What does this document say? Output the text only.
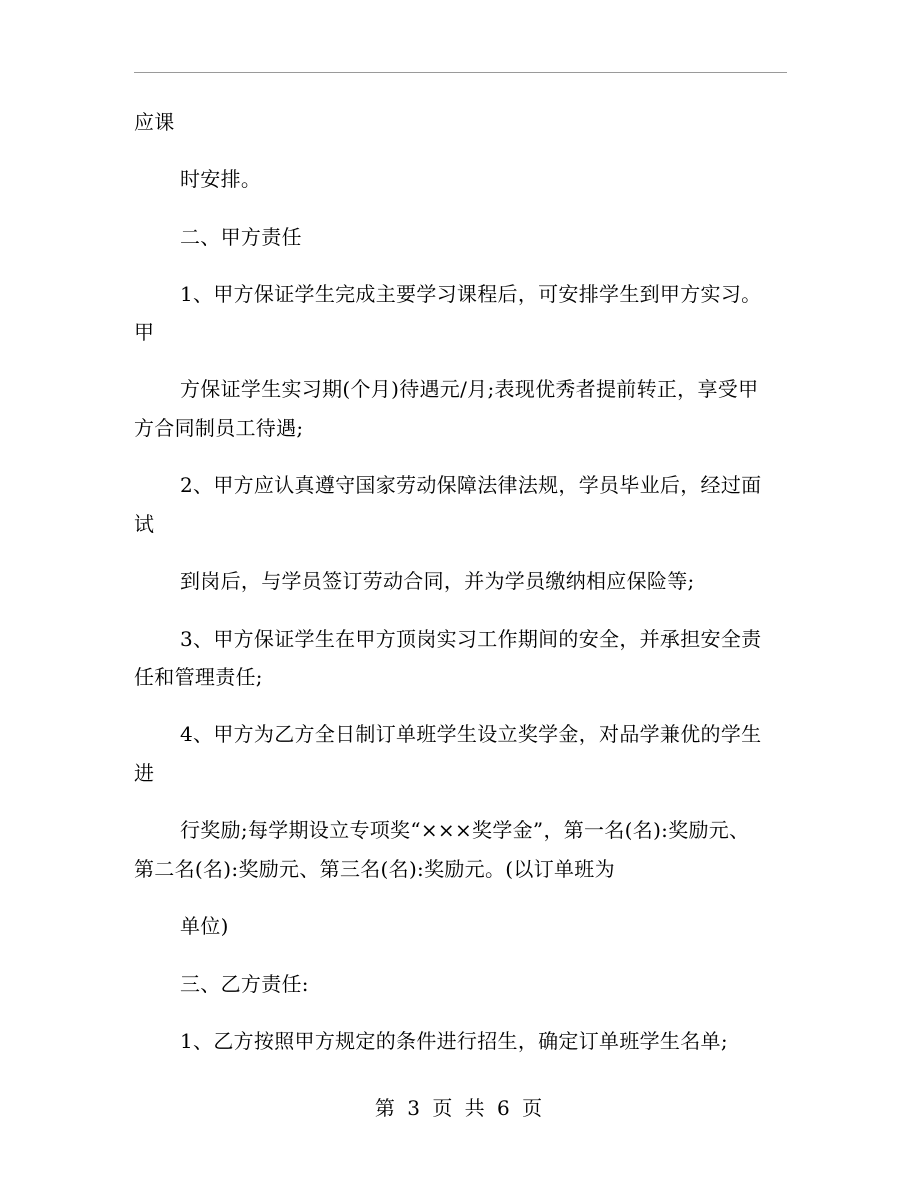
应课
时安排。
二、甲方责任
1、甲方保证学生完成主要学习课程后，可安排学生到甲方实习。
甲
方保证学生实习期(个月)待遇元/月;表现优秀者提前转正，享受甲
方合同制员工待遇;
2、甲方应认真遵守国家劳动保障法律法规，学员毕业后，经过面
试
到岗后，与学员签订劳动合同，并为学员缴纳相应保险等;
3、甲方保证学生在甲方顶岗实习工作期间的安全，并承担安全责
任和管理责任;
4、甲方为乙方全日制订单班学生设立奖学金，对品学兼优的学生
进
行奖励;每学期设立专项奖“×××奖学金”，第一名(名):奖励元、
第二名(名):奖励元、第三名(名):奖励元。(以订单班为
单位)
三、乙方责任:
1、乙方按照甲方规定的条件进行招生，确定订单班学生名单;
第 3 页 共 6 页
